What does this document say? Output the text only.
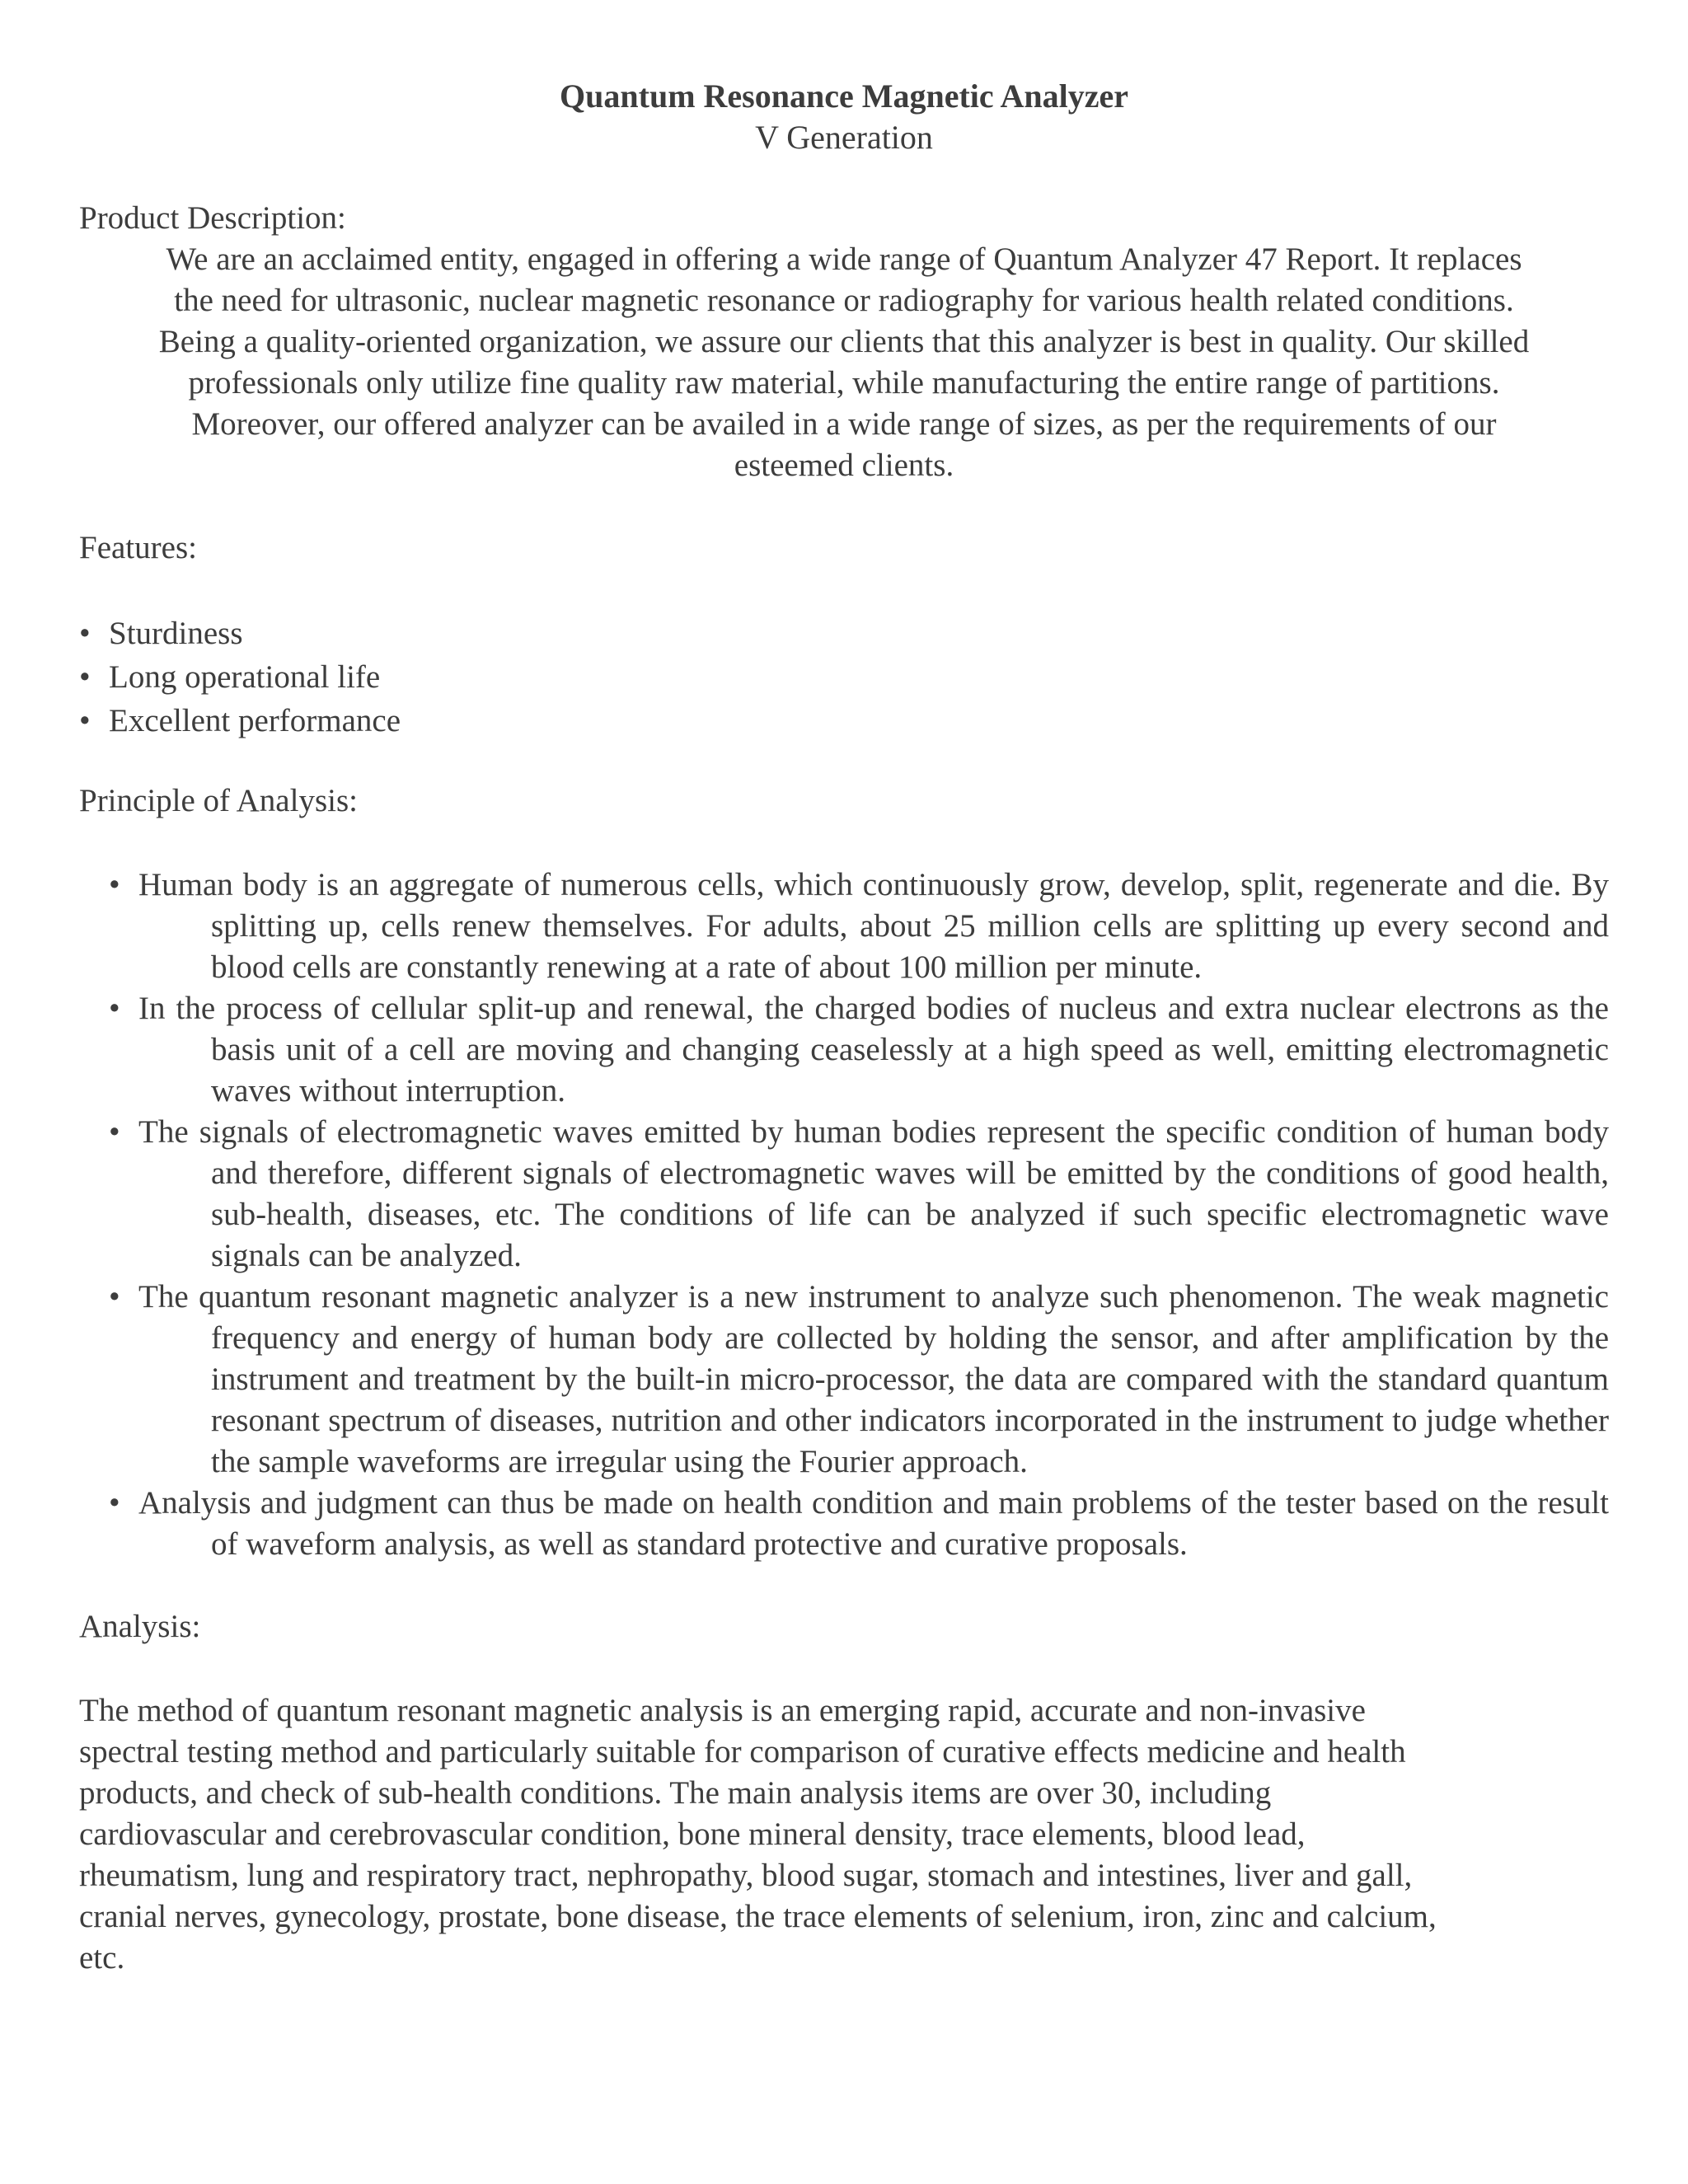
Quantum Resonance Magnetic Analyzer

V Generation

Product Description:

We are an acclaimed entity, engaged in offering a wide range of Quantum Analyzer 47 Report. It replaces

the need for ultrasonic, nuclear magnetic resonance or radiography for various health related conditions.

Being a quality-oriented organization, we assure our clients that this analyzer is best in quality. Our skilled

professionals only utilize fine quality raw material, while manufacturing the entire range of partitions.

Moreover, our offered analyzer can be availed in a wide range of sizes, as per the requirements of our

esteemed clients.

Features:

• Sturdiness
• Long operational life
• Excellent performance

Principle of Analysis:

• Human body is an aggregate of numerous cells, which continuously grow, develop, split, regenerate and die. By splitting up, cells renew themselves. For adults, about 25 million cells are splitting up every second and blood cells are constantly renewing at a rate of about 100 million per minute.
• In the process of cellular split-up and renewal, the charged bodies of nucleus and extra nuclear electrons as the basis unit of a cell are moving and changing ceaselessly at a high speed as well, emitting electromagnetic waves without interruption.
• The signals of electromagnetic waves emitted by human bodies represent the specific condition of human body and therefore, different signals of electromagnetic waves will be emitted by the conditions of good health, sub-health, diseases, etc. The conditions of life can be analyzed if such specific electromagnetic wave signals can be analyzed.
• The quantum resonant magnetic analyzer is a new instrument to analyze such phenomenon. The weak magnetic frequency and energy of human body are collected by holding the sensor, and after amplification by the instrument and treatment by the built-in micro-processor, the data are compared with the standard quantum resonant spectrum of diseases, nutrition and other indicators incorporated in the instrument to judge whether the sample waveforms are irregular using the Fourier approach.
• Analysis and judgment can thus be made on health condition and main problems of the tester based on the result of waveform analysis, as well as standard protective and curative proposals.

Analysis:

The method of quantum resonant magnetic analysis is an emerging rapid, accurate and non-invasive

spectral testing method and particularly suitable for comparison of curative effects medicine and health

products, and check of sub-health conditions. The main analysis items are over 30, including

cardiovascular and cerebrovascular condition, bone mineral density, trace elements, blood lead,

rheumatism, lung and respiratory tract, nephropathy, blood sugar, stomach and intestines, liver and gall,

cranial nerves, gynecology, prostate, bone disease, the trace elements of selenium, iron, zinc and calcium,

etc.
